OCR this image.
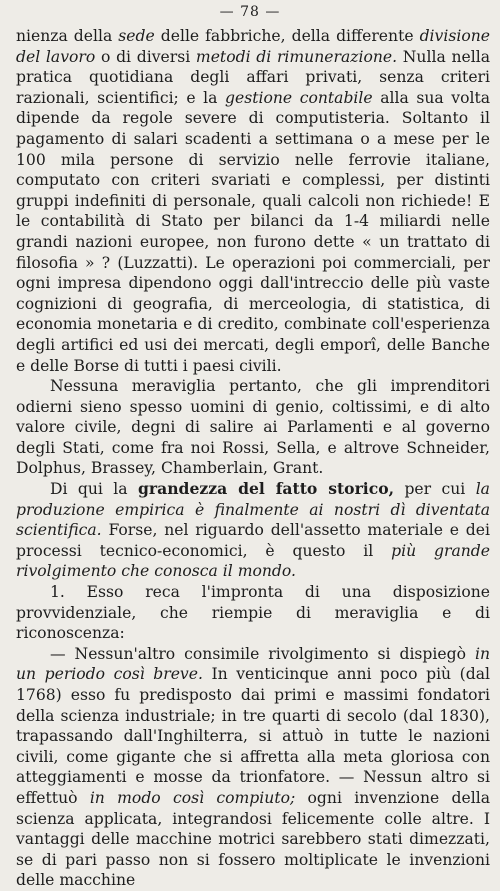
— 78 —

nienza della sede delle fabbriche, della differente divisione del lavoro o di diversi metodi di rimunerazione. Nulla nella pratica quotidiana degli affari privati, senza criteri razionali, scientifici; e la gestione contabile alla sua volta dipende da regole severe di computisteria. Soltanto il pagamento di salari scadenti a settimana o a mese per le 100 mila persone di servizio nelle ferrovie italiane, computato con criteri svariati e complessi, per distinti gruppi indefiniti di personale, quali calcoli non richiede! E le contabilità di Stato per bilanci da 1-4 miliardi nelle grandi nazioni europee, non furono dette « un trattato di filosofia » ? (Luzzatti). Le operazioni poi commerciali, per ogni impresa dipendono oggi dall'intreccio delle più vaste cognizioni di geografia, di merceologia, di statistica, di economia monetaria e di credito, combinate coll'esperienza degli artifici ed usi dei mercati, degli emporî, delle Banche e delle Borse di tutti i paesi civili.

Nessuna meraviglia pertanto, che gli imprenditori odierni sieno spesso uomini di genio, coltissimi, e di alto valore civile, degni di salire ai Parlamenti e al governo degli Stati, come fra noi Rossi, Sella, e altrove Schneider, Dolphus, Brassey, Chamberlain, Grant.

Di qui la grandezza del fatto storico, per cui la produzione empirica è finalmente ai nostri dì diventata scientifica. Forse, nel riguardo dell'assetto materiale e dei processi tecnico-economici, è questo il più grande rivolgimento che conosca il mondo.

1. Esso reca l'impronta di una disposizione provvidenziale, che riempie di meraviglia e di riconoscenza:

— Nessun'altro consimile rivolgimento si dispiegò in un periodo così breve. In venticinque anni poco più (dal 1768) esso fu predisposto dai primi e massimi fondatori della scienza industriale; in tre quarti di secolo (dal 1830), trapassando dall'Inghilterra, si attuò in tutte le nazioni civili, come gigante che si affretta alla meta gloriosa con atteggiamenti e mosse da trionfatore. — Nessun altro si effettuò in modo così compiuto; ogni invenzione della scienza applicata, integrandosi felicemente colle altre. I vantaggi delle macchine motrici sarebbero stati dimezzati, se di pari passo non si fossero moltiplicate le invenzioni delle macchine
